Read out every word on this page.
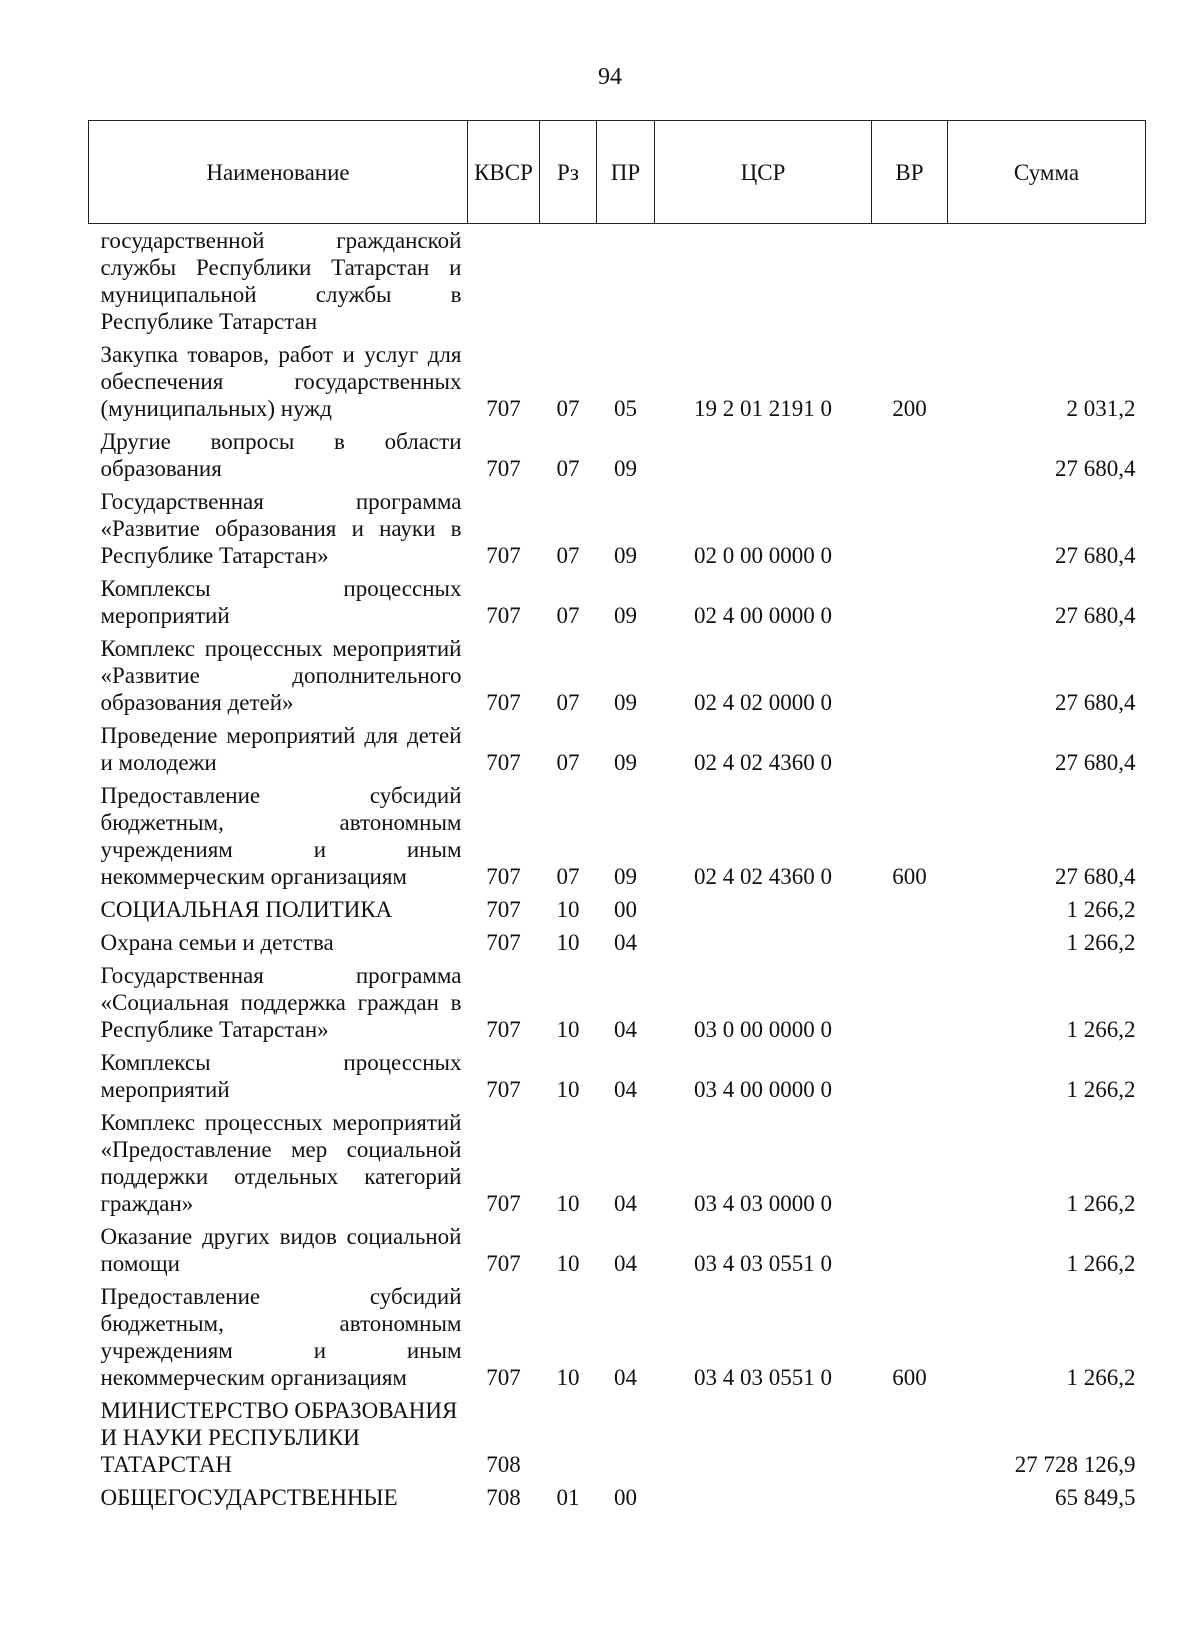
94
Наименование	КВСР	Рз	ПР	ЦСР	ВР	Сумма
государственной гражданской службы Республики Татарстан и муниципальной службы в Республике Татарстан						
Закупка товаров, работ и услуг для обеспечения государственных (муниципальных) нужд	707	07	05	19 2 01 2191 0	200	2 031,2
Другие вопросы в области образования	707	07	09			27 680,4
Государственная программа «Развитие образования и науки в Республике Татарстан»	707	07	09	02 0 00 0000 0		27 680,4
Комплексы процессных мероприятий	707	07	09	02 4 00 0000 0		27 680,4
Комплекс процессных мероприятий «Развитие дополнительного образования детей»	707	07	09	02 4 02 0000 0		27 680,4
Проведение мероприятий для детей и молодежи	707	07	09	02 4 02 4360 0		27 680,4
Предоставление субсидий бюджетным, автономным учреждениям и иным некоммерческим организациям	707	07	09	02 4 02 4360 0	600	27 680,4
СОЦИАЛЬНАЯ ПОЛИТИКА	707	10	00			1 266,2
Охрана семьи и детства	707	10	04			1 266,2
Государственная программа «Социальная поддержка граждан в Республике Татарстан»	707	10	04	03 0 00 0000 0		1 266,2
Комплексы процессных мероприятий	707	10	04	03 4 00 0000 0		1 266,2
Комплекс процессных мероприятий «Предоставление мер социальной поддержки отдельных категорий граждан»	707	10	04	03 4 03 0000 0		1 266,2
Оказание других видов социальной помощи	707	10	04	03 4 03 0551 0		1 266,2
Предоставление субсидий бюджетным, автономным учреждениям и иным некоммерческим организациям	707	10	04	03 4 03 0551 0	600	1 266,2
МИНИСТЕРСТВО ОБРАЗОВАНИЯ И НАУКИ РЕСПУБЛИКИ ТАТАРСТАН	708					27 728 126,9
ОБЩЕГОСУДАРСТВЕННЫЕ	708	01	00			65 849,5
